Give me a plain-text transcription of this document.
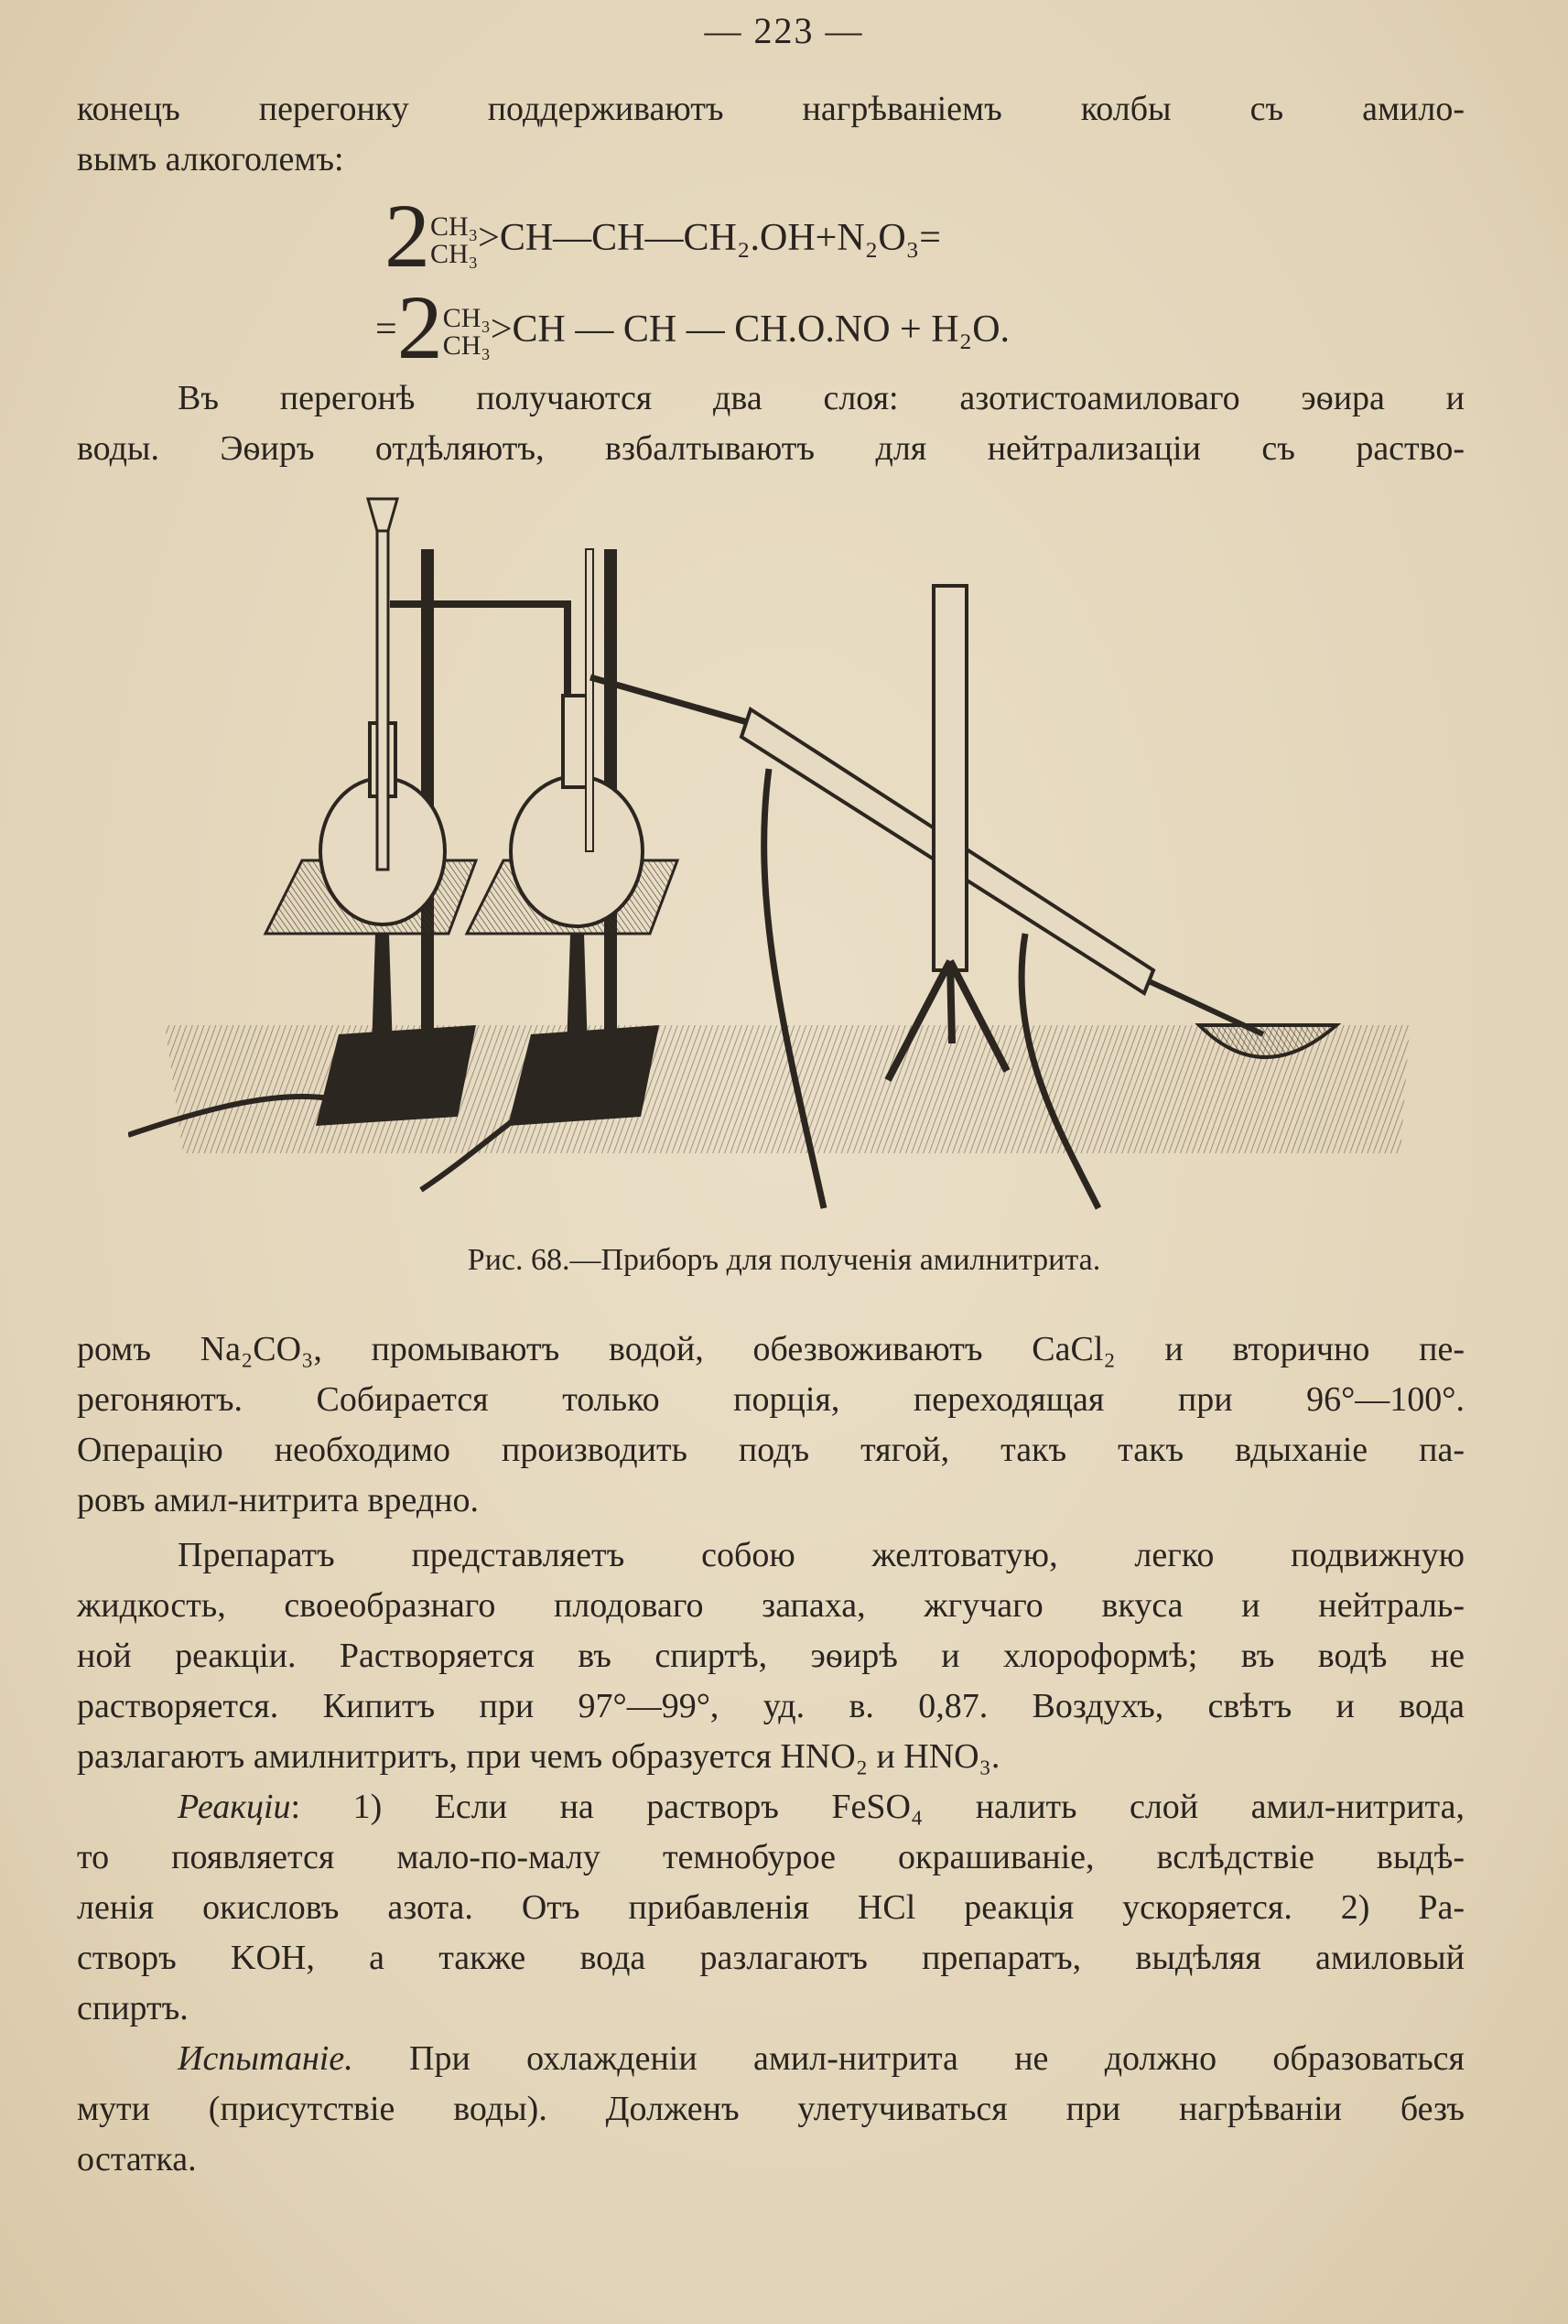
— 223 —
конецъ перегонку поддерживаютъ нагрѣваніемъ колбы съ амило-
вымъ алкоголемъ:
2 CH₃
CH₃ >CH—CH—CH₂.OH+N₂O₃=
=2 CH₃
CH₃ >CH — CH — CH.O.NO + H₂O.
Въ перегонѣ получаются два слоя: азотистоамиловаго эѳира и
воды. Эѳиръ отдѣляютъ, взбалтываютъ для нейтрализаціи съ раство-
Рис. 68.—Приборъ для полученія амилнитрита.
ромъ Na₂CO₃, промываютъ водой, обезвоживаютъ CaCl₂ и вторично пе-
регоняютъ. Собирается только порція, переходящая при 96°—100°.
Операцію необходимо производить подъ тягой, такъ такъ вдыханіе па-
ровъ амил-нитрита вредно.
Препаратъ представляетъ собою желтоватую, легко подвижную
жидкость, своеобразнаго плодоваго запаха, жгучаго вкуса и нейтраль-
ной реакціи. Растворяется въ спиртѣ, эѳирѣ и хлороформѣ; въ водѣ не
растворяется. Кипитъ при 97°—99°, уд. в. 0,87. Воздухъ, свѣтъ и вода
разлагаютъ амилнитритъ, при чемъ образуется HNO₂ и HNO₃.
Реакціи: 1) Если на растворъ FeSO₄ налить слой амил-нитрита,
то появляется мало-по-малу темнобурое окрашиваніе, вслѣдствіе выдѣ-
ленія окисловъ азота. Отъ прибавленія HCl реакція ускоряется. 2) Ра-
створъ KOH, а также вода разлагаютъ препаратъ, выдѣляя амиловый
спиртъ.
Испытаніе. При охлажденіи амил-нитрита не должно образоваться
мути (присутствіе воды). Долженъ улетучиваться при нагрѣваніи безъ
остатка.
